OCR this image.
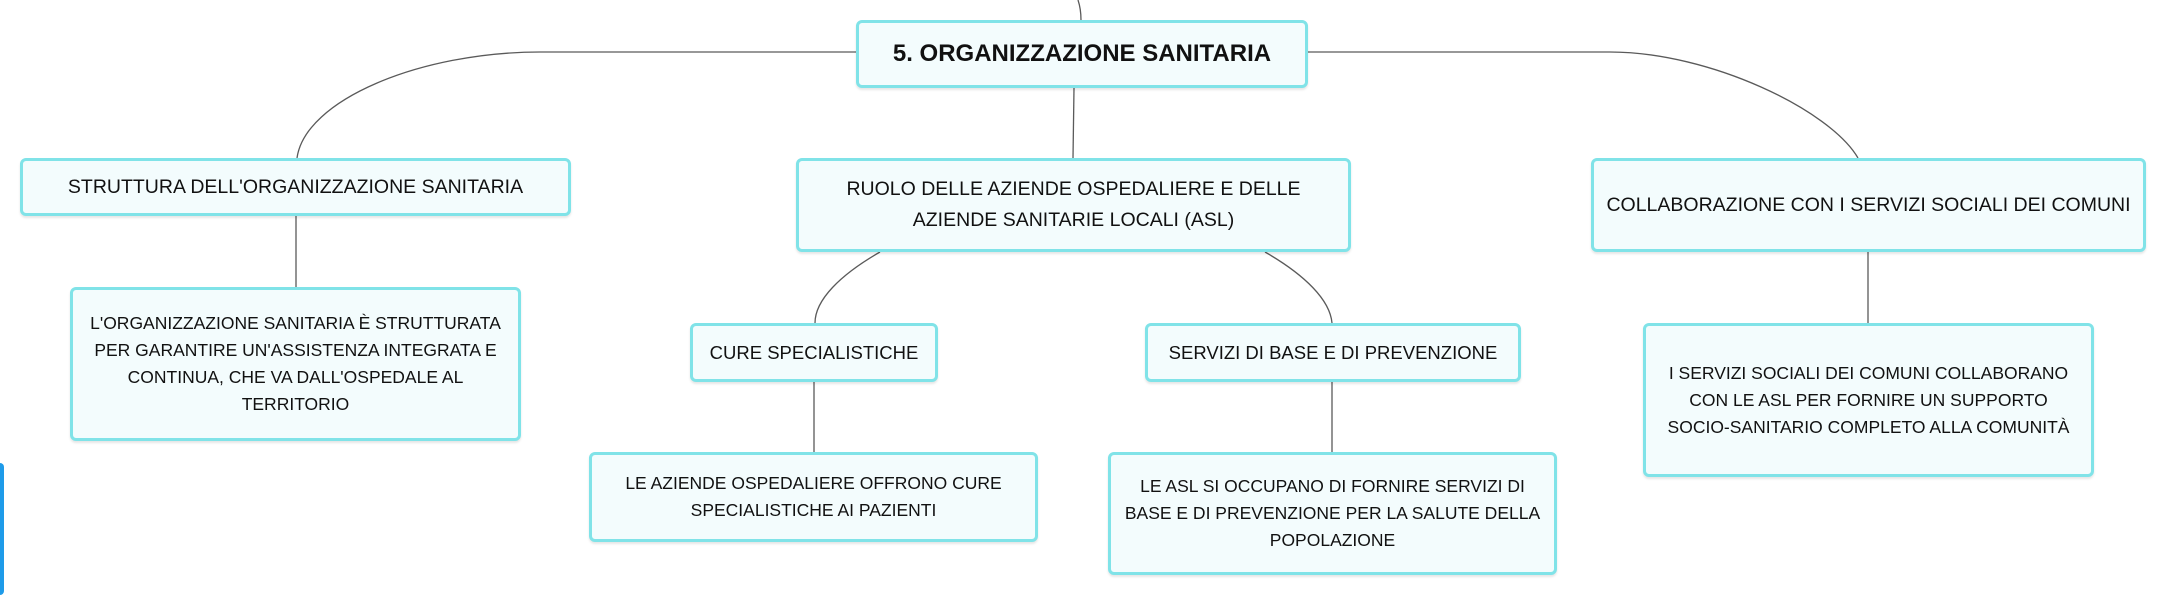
5. ORGANIZZAZIONE SANITARIA
STRUTTURA DELL'ORGANIZZAZIONE SANITARIA
L'ORGANIZZAZIONE SANITARIA È STRUTTURATA PER GARANTIRE UN'ASSISTENZA INTEGRATA E CONTINUA, CHE VA DALL'OSPEDALE AL TERRITORIO
RUOLO DELLE AZIENDE OSPEDALIERE E DELLE AZIENDE SANITARIE LOCALI (ASL)
CURE SPECIALISTICHE
LE AZIENDE OSPEDALIERE OFFRONO CURE SPECIALISTICHE AI PAZIENTI
SERVIZI DI BASE E DI PREVENZIONE
LE ASL SI OCCUPANO DI FORNIRE SERVIZI DI BASE E DI PREVENZIONE PER LA SALUTE DELLA POPOLAZIONE
COLLABORAZIONE CON I SERVIZI SOCIALI DEI COMUNI
I SERVIZI SOCIALI DEI COMUNI COLLABORANO CON LE ASL PER FORNIRE UN SUPPORTO SOCIO-SANITARIO COMPLETO ALLA COMUNITÀ
